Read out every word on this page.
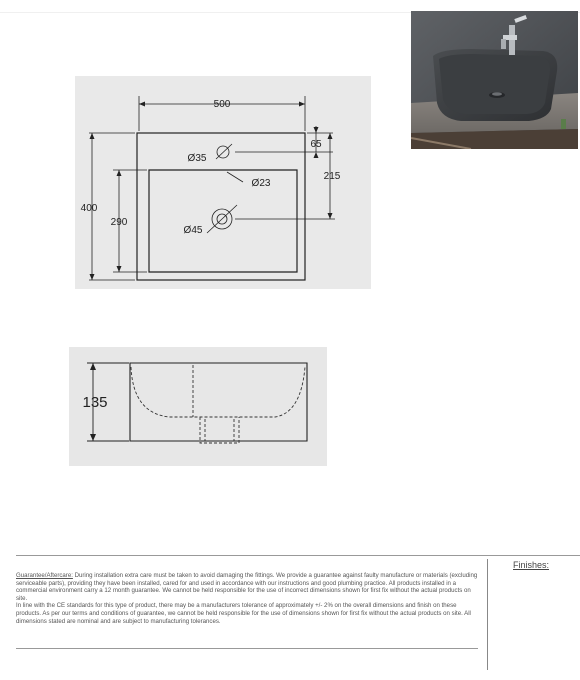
500
400
290
65
215
Ø35
Ø23
Ø45
135
Finishes:

Guarantee/Aftercare: During installation extra care must be taken to avoid damaging the fittings. We provide a guarantee against faulty manufacture or materials (excluding serviceable parts), providing they have been installed, cared for and used in accordance with our instructions and good plumbing practice. All products installed in a commercial environment carry a 12 month guarantee. We cannot be held responsible for the use of incorrect dimensions shown for first fix without the actual products on site.

In line with the CE standards for this type of product, there may be a manufacturers tolerance of approximately +/- 2% on the overall dimensions and finish on these products. As per our terms and conditions of guarantee, we cannot be held responsible for the use of dimensions shown for first fix without the actual products on site. All dimensions stated are nominal and are subject to manufacturing tolerances.
